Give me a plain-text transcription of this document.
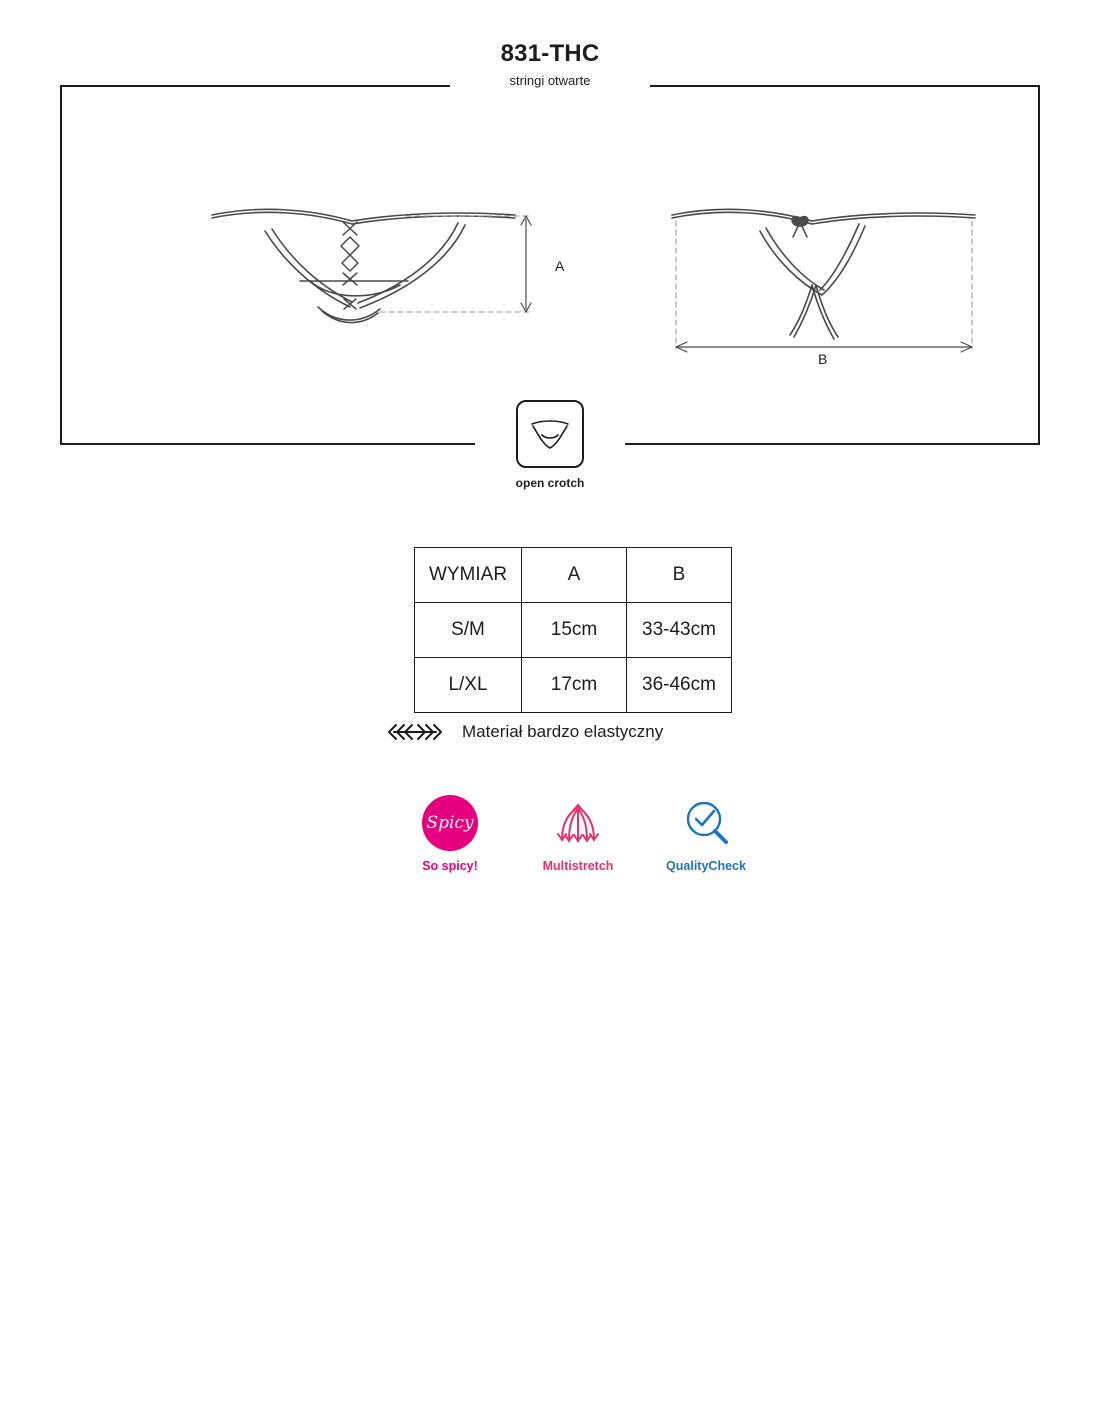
831-THC
stringi otwarte
A
B
open crotch
WYMIAR	A	B
S/M	15cm	33-43cm
L/XL	17cm	36-46cm
Materiał bardzo elastyczny
Spicy
So spicy!	Multistretch	QualityCheck
